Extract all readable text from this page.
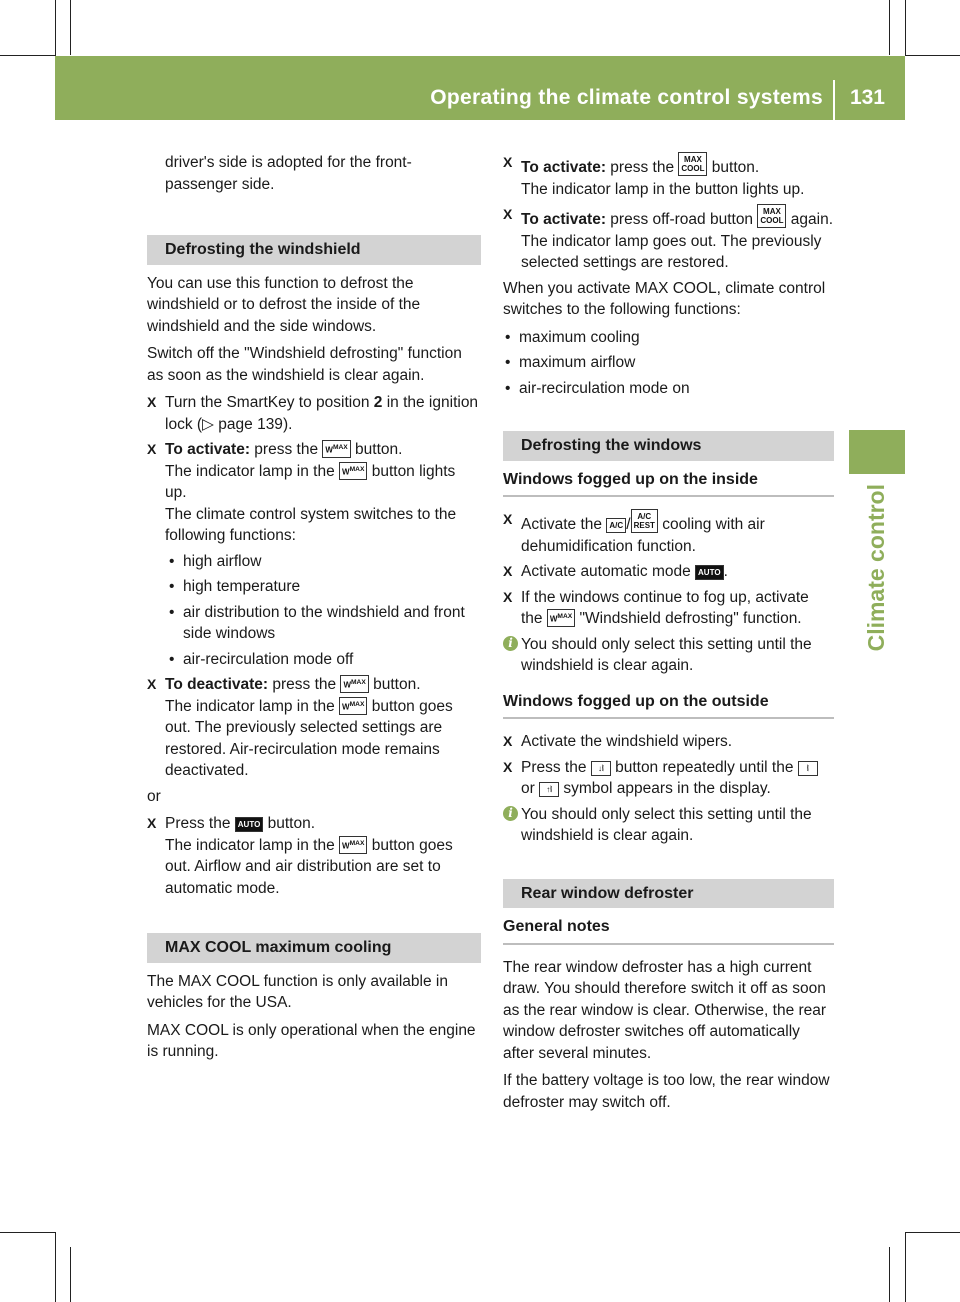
Operating the climate control systems 131
Climate control

driver's side is adopted for the front-passenger side.

Defrosting the windshield

You can use this function to defrost the windshield or to defrost the inside of the windshield and the side windows.

Switch off the "Windshield defrosting" function as soon as the windshield is clear again.

X Turn the SmartKey to position 2 in the ignition lock (▷ page 139).
X To activate: press the $W^{MAX}$ button.
The indicator lamp in the $W^{MAX}$ button lights up.
The climate control system switches to the following functions:
• high airflow
• high temperature
• air distribution to the windshield and front side windows
• air-recirculation mode off
X To deactivate: press the $W^{MAX}$ button.
The indicator lamp in the $W^{MAX}$ button goes out. The previously selected settings are restored. Air-recirculation mode remains deactivated.

or

X Press the AUTO button.
The indicator lamp in the $W^{MAX}$ button goes out. Airflow and air distribution are set to automatic mode.
MAX COOL maximum cooling

The MAX COOL function is only available in vehicles for the USA.

MAX COOL is only operational when the engine is running.

X To activate: press the MAX
COOL button.
The indicator lamp in the button lights up.
X To activate: press off-road button MAX
COOL again.
The indicator lamp goes out. The previously selected settings are restored.

When you activate MAX COOL, climate control switches to the following functions:

• maximum cooling
• maximum airflow
• air-recirculation mode on
Defrosting the windows
Windows fogged up on the inside
X Activate the A/C / A/C
REST cooling with air dehumidification function.
X Activate automatic mode AUTO .
X If the windows continue to fog up, activate the $W^{MAX}$ "Windshield defrosting" function.
i You should only select this setting until the windshield is clear again.
Windows fogged up on the outside
X Activate the windshield wipers.
X Press the ↓⦚ button repeatedly until the ⦚ or ↑⦚ symbol appears in the display.
i You should only select this setting until the windshield is clear again.
Rear window defroster
General notes

The rear window defroster has a high current draw. You should therefore switch it off as soon as the rear window is clear. Otherwise, the rear window defroster switches off automatically after several minutes.

If the battery voltage is too low, the rear window defroster may switch off.
